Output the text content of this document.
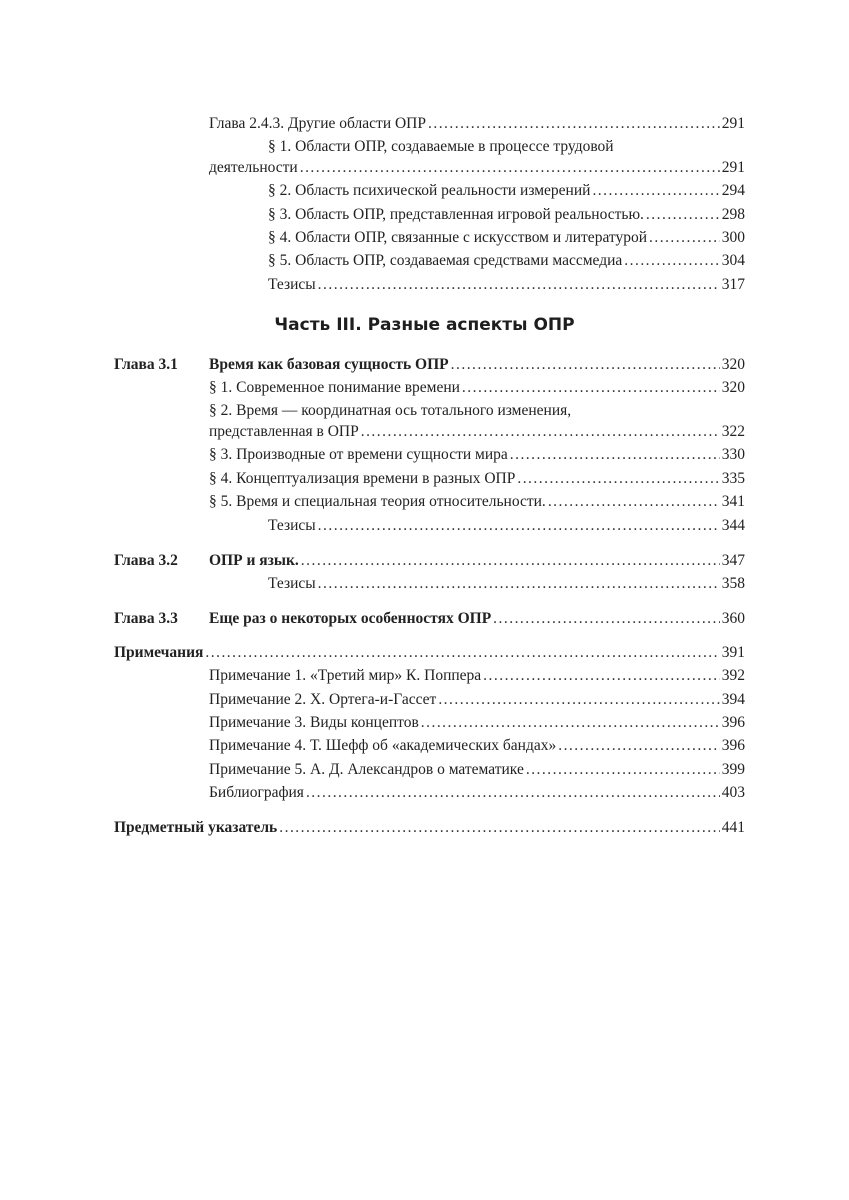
Глава 2.4.3. Другие области ОПР . . .	291
§ 1. Области ОПР, создаваемые в процессе трудовой
деятельности . . .	291
§ 2. Область психической реальности измерений . . .	294
§ 3. Область ОПР, представленная игровой реальностью. . . .	298
§ 4. Области ОПР, связанные с искусством и литературой . . .	300
§ 5. Область ОПР, создаваемая средствами массмедиа . . .	304
Тезисы . . .	317
Часть III. Разные аспекты ОПР
Глава 3.1 Время как базовая сущность ОПР . . .	320
§ 1. Современное понимание времени . . .	320
§ 2. Время — координатная ось тотального изменения,
представленная в ОПР . . .	322
§ 3. Производные от времени сущности мира . . .	330
§ 4. Концептуализация времени в разных ОПР . . .	335
§ 5. Время и специальная теория относительности. . . .	341
Тезисы . . .	344
Глава 3.2 ОПР и язык. . . .	347
Тезисы . . .	358
Глава 3.3 Еще раз о некоторых особенностях ОПР . . .	360
Примечания . . .	391
Примечание 1. «Третий мир» К. Поппера . . .	392
Примечание 2. Х. Ортега-и-Гассет . . .	394
Примечание 3. Виды концептов . . .	396
Примечание 4. Т. Шефф об «академических бандах» . . .	396
Примечание 5. А. Д. Александров о математике . . .	399
Библиография . . .	403
Предметный указатель . . .	441
